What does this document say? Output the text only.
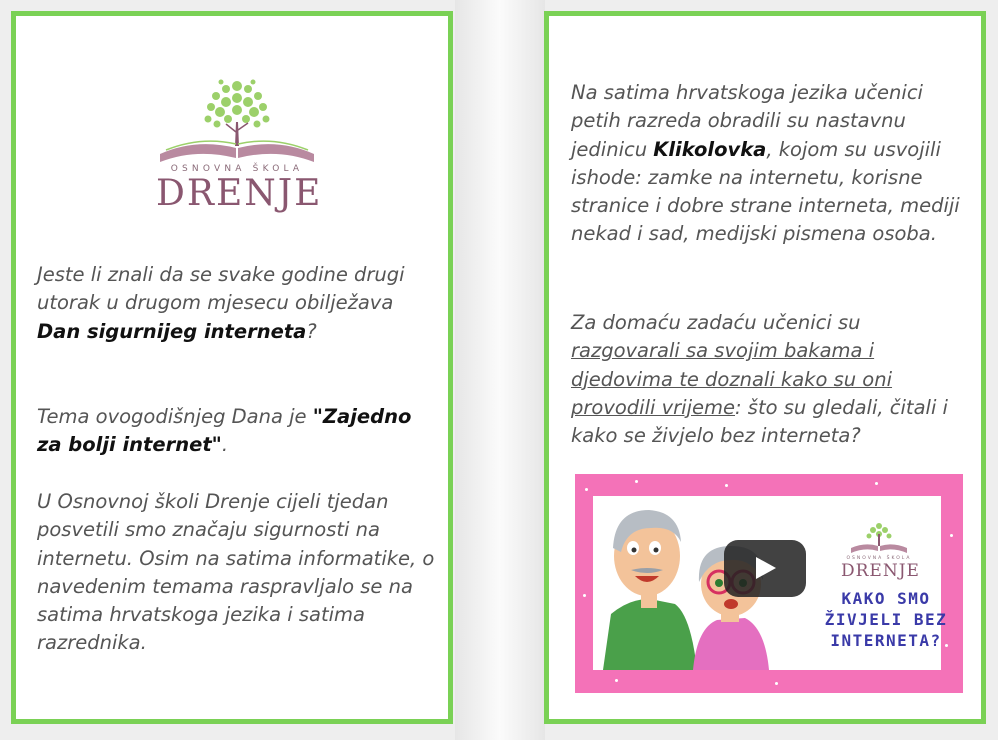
OSNOVNA ŠKOLA
DRENJE

Jeste li znali da se svake godine drugi utorak u drugom mjesecu obilježava Dan sigurnijeg interneta?

Tema ovogodišnjeg Dana je "Zajedno za bolji internet".

U Osnovnoj školi Drenje cijeli tjedan posvetili smo značaju sigurnosti na internetu. Osim na satima informatike, o navedenim temama raspravljalo se na satima hrvatskoga jezika i satima razrednika.

Na satima hrvatskoga jezika učenici petih razreda obradili su nastavnu jedinicu Klikolovka, kojom su usvojili ishode: zamke na internetu, korisne stranice i dobre strane interneta, mediji nekad i sad, medijski pismena osoba.

Za domaću zadaću učenici su razgovarali sa svojim bakama i djedovima te doznali kako su oni provodili vrijeme: što su gledali, čitali i kako se živjelo bez interneta?

OSNOVNA ŠKOLA
DRENJE
KAKO SMO
ŽIVJELI BEZ
INTERNETA?
